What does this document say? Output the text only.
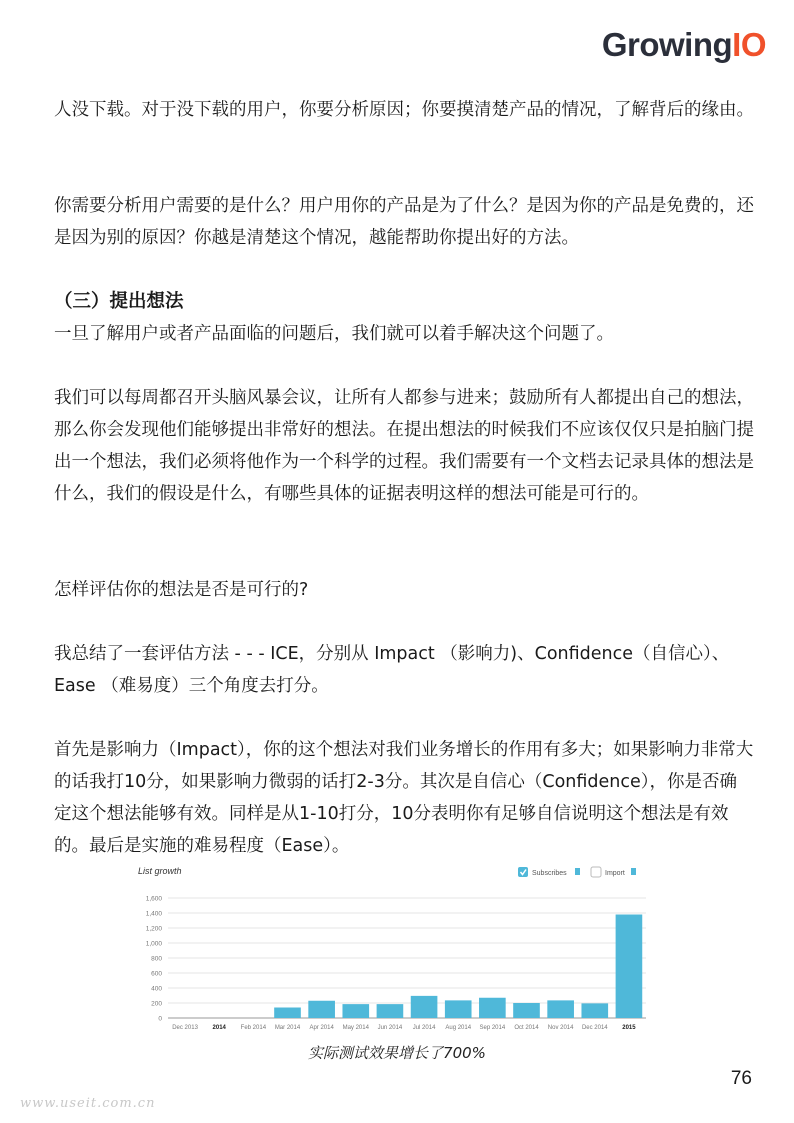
GrowingIO

人没下载。对于没下载的用户，你要分析原因；你要摸清楚产品的情况，了解背后的缘由。

你需要分析用户需要的是什么？用户用你的产品是为了什么？是因为你的产品是免费的，还是因为别的原因？你越是清楚这个情况，越能帮助你提出好的方法。

（三）提出想法

一旦了解用户或者产品面临的问题后，我们就可以着手解决这个问题了。

我们可以每周都召开头脑风暴会议，让所有人都参与进来；鼓励所有人都提出自己的想法，那么你会发现他们能够提出非常好的想法。在提出想法的时候我们不应该仅仅只是拍脑门提出一个想法，我们必须将他作为一个科学的过程。我们需要有一个文档去记录具体的想法是什么，我们的假设是什么，有哪些具体的证据表明这样的想法可能是可行的。

怎样评估你的想法是否是可行的?

我总结了一套评估方法 - - - ICE，分别从 Impact （影响力)、Confidence（自信心）、Ease （难易度）三个角度去打分。

首先是影响力（Impact），你的这个想法对我们业务增长的作用有多大；如果影响力非常大的话我打10分，如果影响力微弱的话打2-3分。其次是自信心（Confidence），你是否确定这个想法能够有效。同样是从1-10打分，10分表明你有足够自信说明这个想法是有效的。最后是实施的难易程度（Ease）。

List growth	Subscribes	Import
0
200
400
600
800
1,000
1,200
1,400
1,600
Dec 2013 2014 Feb 2014 Mar 2014 Apr 2014 May 2014 Jun 2014 Jul 2014 Aug 2014 Sep 2014 Oct 2014 Nov 2014 Dec 2014 2015
实际测试效果增长了700%
76
www.useit.com.cn
